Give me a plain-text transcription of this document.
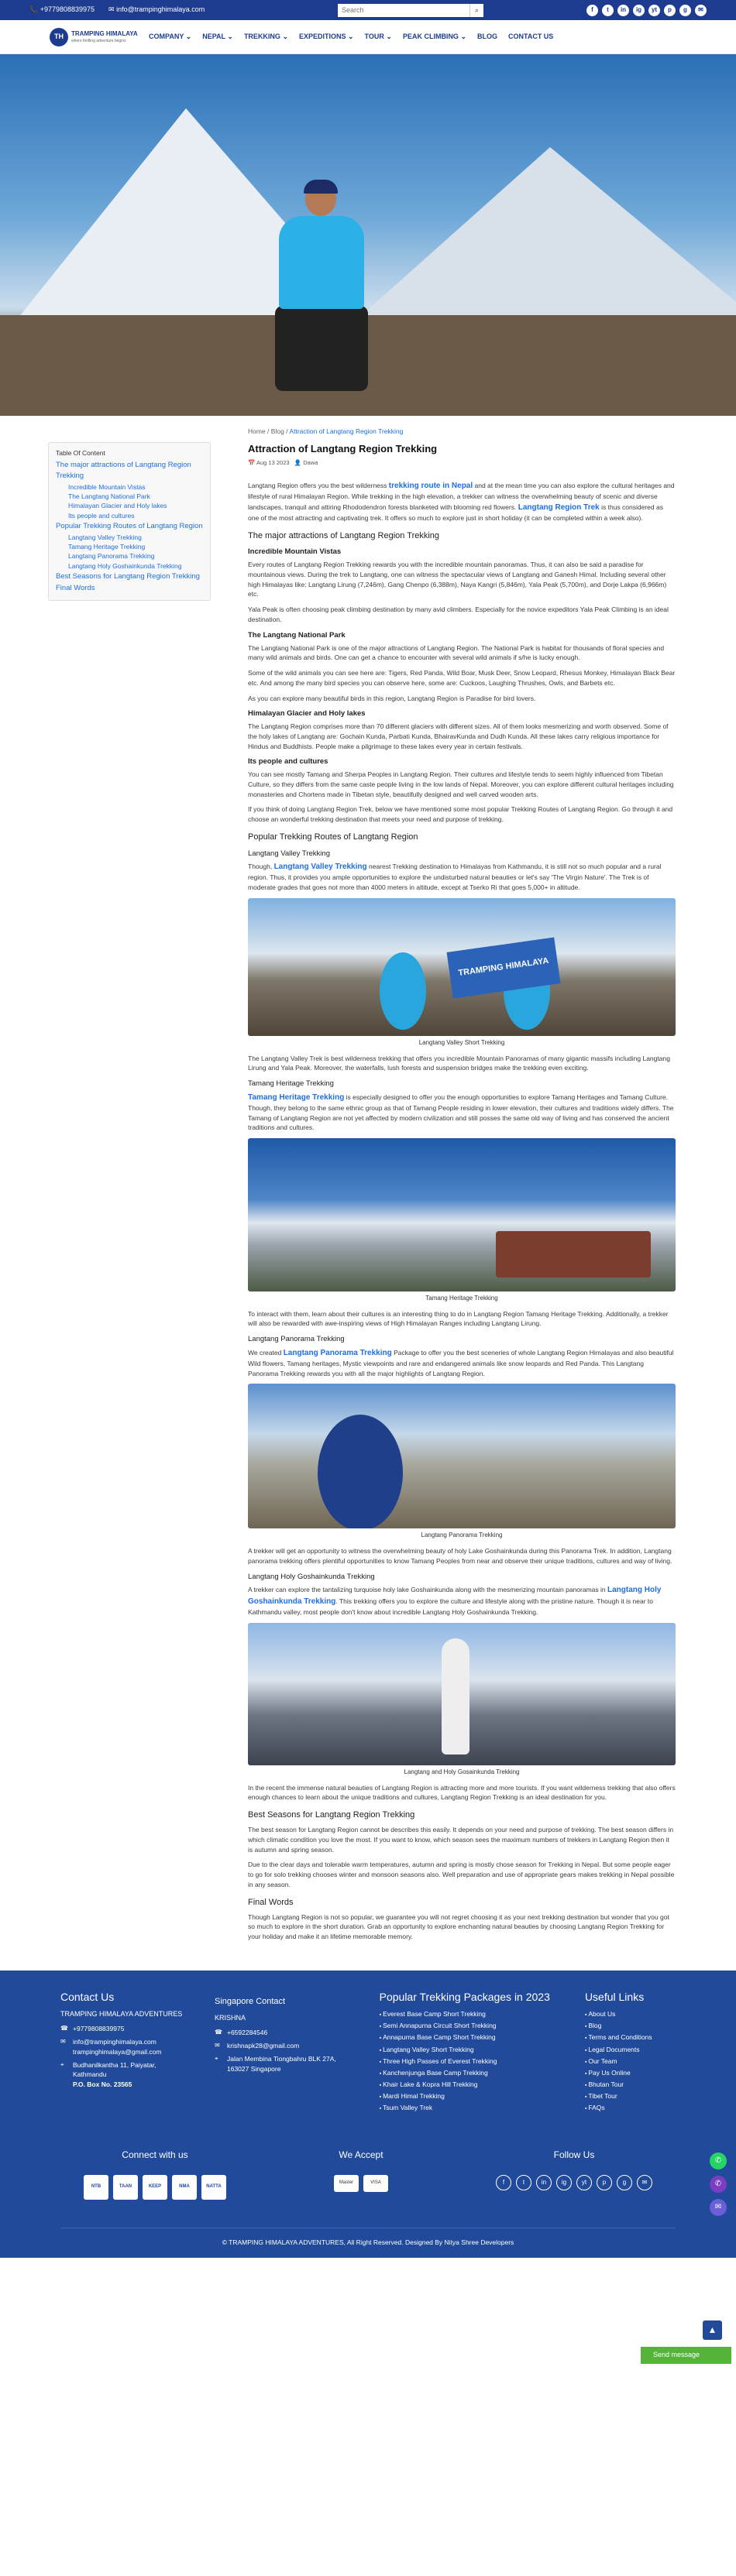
📞 +9779808839975 ✉ info@trampinghimalaya.com
Search	⌕	f	t	in	ig	yt	p	g	✉
TH	TRAMPING HIMALAYA
where thrilling adventure begins
COMPANY ⌄ NEPAL ⌄ TREKKING ⌄ EXPEDITIONS ⌄ TOUR ⌄ PEAK CLIMBING ⌄ BLOG CONTACT US
Table Of Content
The major attractions of Langtang Region Trekking
Incredible Mountain Vistas
The Langtang National Park
Himalayan Glacier and Holy lakes
Its people and cultures
Popular Trekking Routes of Langtang Region
Langtang Valley Trekking
Tamang Heritage Trekking
Langtang Panorama Trekking
Langtang Holy Goshainkunda Trekking
Best Seasons for Langtang Region Trekking
Final Words
Home / Blog / Attraction of Langtang Region Trekking
Attraction of Langtang Region Trekking
📅 Aug 13 2023 👤 Dawa

Langtang Region offers you the best wilderness trekking route in Nepal and at the mean time you can also explore the cultural heritages and lifestyle of rural Himalayan Region. While trekking in the high elevation, a trekker can witness the overwhelming beauty of scenic and diverse landscapes, tranquil and attiring Rhododendron forests blanketed with blooming red flowers. Langtang Region Trek is thus considered as one of the most attracting and captivating trek. It offers so much to explore just in short holiday (it can be completed within a week also).

The major attractions of Langtang Region Trekking
Incredible Mountain Vistas

Every routes of Langtang Region Trekking rewards you with the incredible mountain panoramas. Thus, it can also be said a paradise for mountainous views. During the trek to Langtang, one can witness the spectacular views of Langtang and Ganesh Himal. Including several other high Himalayas like: Langtang Lirung (7,246m), Gang Chenpo (6,388m), Naya Kangri (5,846m), Yala Peak (5,700m), and Dorje Lakpa (6,966m) etc.

Yala Peak is often choosing peak climbing destination by many avid climbers. Especially for the novice expeditors Yala Peak Climbing is an ideal destination.

The Langtang National Park

The Langtang National Park is one of the major attractions of Langtang Region. The National Park is habitat for thousands of floral species and many wild animals and birds. One can get a chance to encounter with several wild animals if s/he is lucky enough.

Some of the wild animals you can see here are: Tigers, Red Panda, Wild Boar, Musk Deer, Snow Leopard, Rhesus Monkey, Himalayan Black Bear etc. And among the many bird species you can observe here, some are: Cuckoos, Laughing Thrushes, Owls, and Barbets etc.

As you can explore many beautiful birds in this region, Langtang Region is Paradise for bird lovers.

Himalayan Glacier and Holy lakes

The Langtang Region comprises more than 70 different glaciers with different sizes. All of them looks mesmerizing and worth observed. Some of the holy lakes of Langtang are: Gochain Kunda, Parbati Kunda, BhairavKunda and Dudh Kunda. All these lakes carry religious importance for Hindus and Buddhists. People make a pilgrimage to these lakes every year in certain festivals.

Its people and cultures

You can see mostly Tamang and Sherpa Peoples in Langtang Region. Their cultures and lifestyle tends to seem highly influenced from Tibetan Culture, so they differs from the same caste people living in the low lands of Nepal. Moreover, you can explore different cultural heritages including monasteries and Chortens made in Tibetan style, beautifully designed and well carved wooden arts.

If you think of doing Langtang Region Trek, below we have mentioned some most popular Trekking Routes of Langtang Region. Go through it and choose an wonderful trekking destination that meets your need and purpose of trekking.

Popular Trekking Routes of Langtang Region
Langtang Valley Trekking

Though, Langtang Valley Trekking nearest Trekking destination to Himalayas from Kathmandu, it is still not so much popular and a rural region. Thus, it provides you ample opportunities to explore the undisturbed natural beauties or let's say 'The Virgin Nature'. The Trek is of moderate grades that goes not more than 4000 meters in altitude, except at Tserko Ri that goes 5,000+ in altitude.

TRAMPING HIMALAYA
Langtang Valley Short Trekking

The Langtang Valley Trek is best wilderness trekking that offers you incredible Mountain Panoramas of many gigantic massifs including Langtang Lirung and Yala Peak. Moreover, the waterfalls, lush forests and suspension bridges make the trekking even exciting.

Tamang Heritage Trekking

Tamang Heritage Trekking is especially designed to offer you the enough opportunities to explore Tamang Heritages and Tamang Culture. Though, they belong to the same ethnic group as that of Tamang People residing in lower elevation, their cultures and traditions widely differs. The Tamang of Langtang Region are not yet affected by modern civilization and still posses the same old way of living and has conserved the ancient traditions and cultures.

Tamang Heritage Trekking

To interact with them, learn about their cultures is an interesting thing to do in Langtang Region Tamang Heritage Trekking. Additionally, a trekker will also be rewarded with awe-inspiring views of High Himalayan Ranges including Langtang Lirung.

Langtang Panorama Trekking

We created Langtang Panorama Trekking Package to offer you the best sceneries of whole Langtang Region Himalayas and also beautiful Wild flowers, Tamang heritages, Mystic viewpoints and rare and endangered animals like snow leopards and Red Panda. This Langtang Panorama Trekking rewards you with all the major highlights of Langtang Region.

Langtang Panorama Trekking

A trekker will get an opportunity to witness the overwhelming beauty of holy Lake Goshainkunda during this Panorama Trek. In addition, Langtang panorama trekking offers plentiful opportunities to know Tamang Peoples from near and observe their unique traditions, cultures and way of living.

Langtang Holy Goshainkunda Trekking

A trekker can explore the tantalizing turquoise holy lake Goshainkunda along with the mesmerizing mountain panoramas in Langtang Holy Goshainkunda Trekking. This trekking offers you to explore the culture and lifestyle along with the pristine nature. Though it is near to Kathmandu valley, most people don't know about incredible Langtang Holy Goshainkunda Trekking.

Langtang and Holy Gosainkunda Trekking

In the recent the immense natural beauties of Langtang Region is attracting more and more tourists. If you want wilderness trekking that also offers enough chances to learn about the unique traditions and cultures, Langtang Region Trekking is an ideal destination for you.

Best Seasons for Langtang Region Trekking

The best season for Langtang Region cannot be describes this easily. It depends on your need and purpose of trekking. The best season differs in which climatic condition you love the most. If you want to know, which season sees the maximum numbers of trekkers in Langtang Region then it is autumn and spring season.

Due to the clear days and tolerable warm temperatures, autumn and spring is mostly chose season for Trekking in Nepal. But some people eager to go for solo trekking chooses winter and monsoon seasons also. Well preparation and use of appropriate gears makes trekking in Nepal possible in any season.

Final Words

Though Langtang Region is not so popular, we guarantee you will not regret choosing it as your next trekking destination but wonder that you got so much to explore in the short duration. Grab an opportunity to explore enchanting natural beauties by choosing Langtang Region Trekking for your holiday and make it an lifetime memorable memory.

Contact Us
TRAMPING HIMALAYA ADVENTURES
☎ +9779808839975
✉	info@trampinghimalaya.com
trampinghimalaya@gmail.com
⌖	Budhanilkantha 11, Paiyatar,
Kathmandu
P.O. Box No. 23565
Singapore Contact
KRISHNA
☎ +6592284546
✉	krishnapk28@gmail.com
⌖	Jalan Membina Tiongbahru BLK 27A,
163027 Singapore
Popular Trekking Packages in 2023
▪ Everest Base Camp Short Trekking
▪ Semi Annapurna Circuit Short Trekking
▪ Annapurna Base Camp Short Trekking
▪ Langtang Valley Short Trekking
▪ Three High Passes of Everest Trekking
▪ Kanchenjunga Base Camp Trekking
▪ Khair Lake & Kopra Hill Trekking
▪ Mardi Himal Trekking
▪ Tsum Valley Trek
Useful Links
▪ About Us
▪ Blog
▪ Terms and Conditions
▪ Legal Documents
▪ Our Team
▪ Pay Us Online
▪ Bhutan Tour
▪ Tibet Tour
▪ FAQs
Connect with us
NTB	TAAN	KEEP	NMA	NATTA
We Accept
Master	VISA
Follow Us
f	t	in	ig	yt	p	g	✉
© TRAMPING HIMALAYA ADVENTURES, All Right Reserved. Designed By Nitya Shree Developers
✆
✆
✉
▲
Send message
